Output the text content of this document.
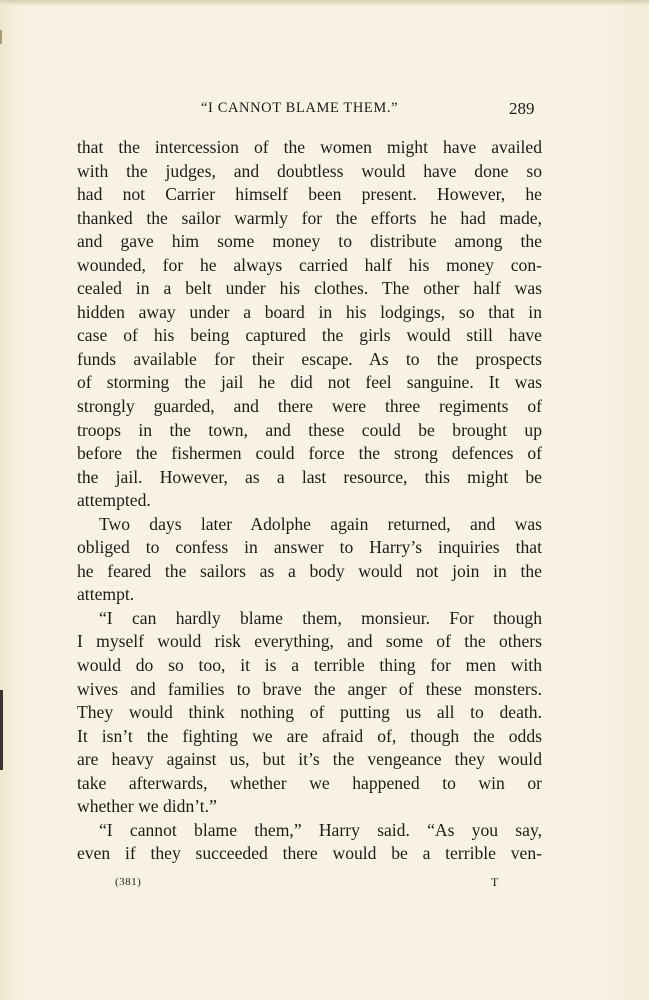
“I CANNOT BLAME THEM.”	289
that the intercession of the women might have availed
with the judges, and doubtless would have done so
had not Carrier himself been present. However, he
thanked the sailor warmly for the efforts he had made,
and gave him some money to distribute among the
wounded, for he always carried half his money con-
cealed in a belt under his clothes. The other half was
hidden away under a board in his lodgings, so that in
case of his being captured the girls would still have
funds available for their escape. As to the prospects
of storming the jail he did not feel sanguine. It was
strongly guarded, and there were three regiments of
troops in the town, and these could be brought up
before the fishermen could force the strong defences of
the jail. However, as a last resource, this might be
attempted.
Two days later Adolphe again returned, and was
obliged to confess in answer to Harry’s inquiries that
he feared the sailors as a body would not join in the
attempt.
“I can hardly blame them, monsieur. For though
I myself would risk everything, and some of the others
would do so too, it is a terrible thing for men with
wives and families to brave the anger of these monsters.
They would think nothing of putting us all to death.
It isn’t the fighting we are afraid of, though the odds
are heavy against us, but it’s the vengeance they would
take afterwards, whether we happened to win or
whether we didn’t.”
“I cannot blame them,” Harry said. “As you say,
even if they succeeded there would be a terrible ven-
(381)	T
